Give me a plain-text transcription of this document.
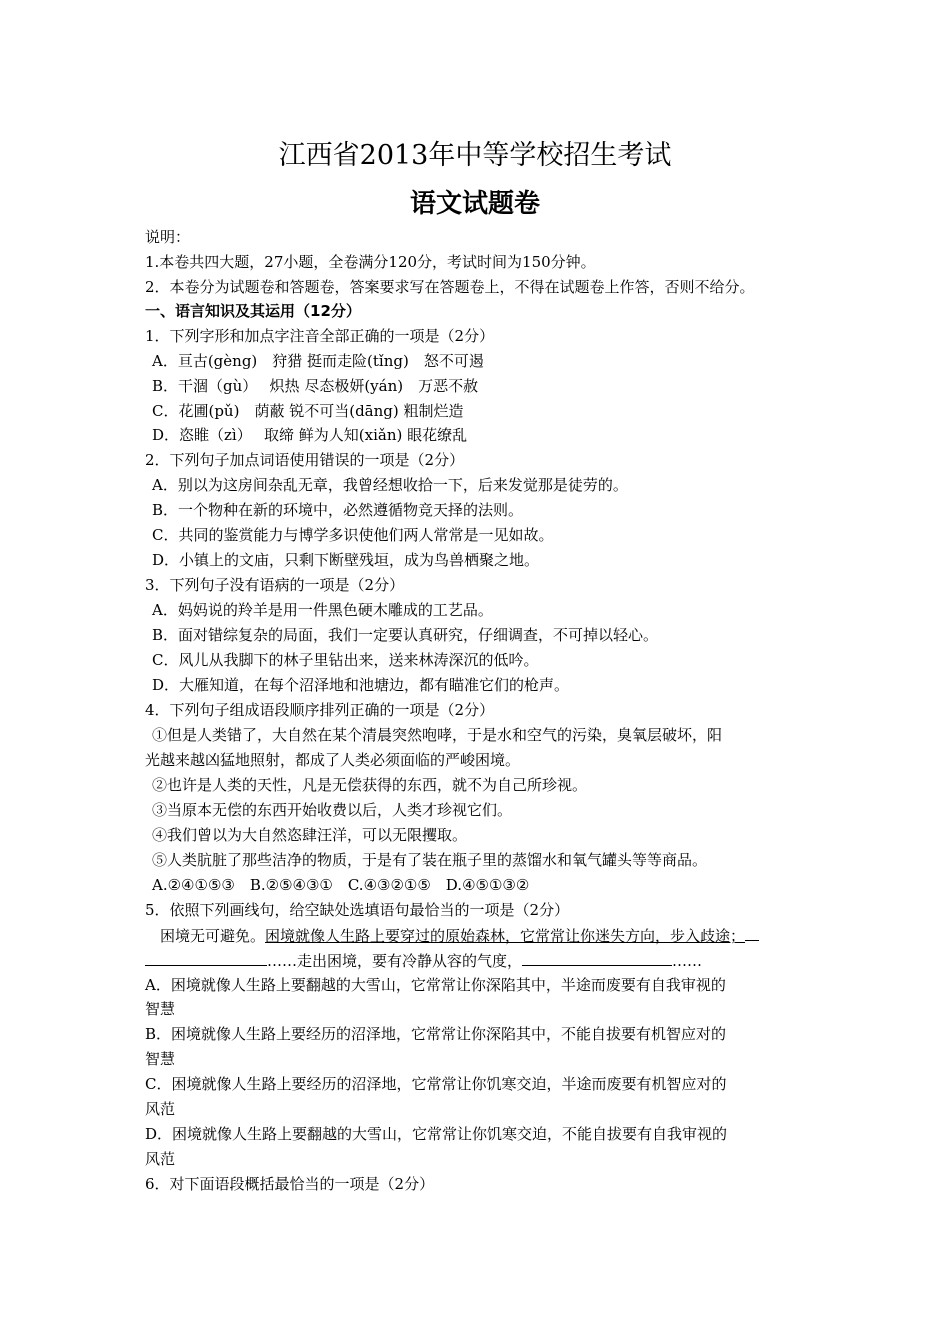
江西省2013年中等学校招生考试
语文试题卷
说明：
1.本卷共四大题，27小题，全卷满分120分，考试时间为150分钟。
2．本卷分为试题卷和答题卷，答案要求写在答题卷上，不得在试题卷上作答，否则不给分。
一、语言知识及其运用（12分）
1．下列字形和加点字注音全部正确的一项是（2分）
A．亘古(gèng)　狩猎 挺而走险(tǐng)　怒不可遏
B．干涸（gù）　 炽热 尽态极妍(yán)　万恶不赦
C．花圃(pǔ)　荫蔽 锐不可当(dāng) 粗制烂造
D．恣睢（zì）　 取缔 鲜为人知(xiǎn) 眼花缭乱
2．下列句子加点词语使用错误的一项是（2分）
A．别以为这房间杂乱无章，我曾经想收拾一下，后来发觉那是徒劳的。
B．一个物种在新的环境中，必然遵循物竞天择的法则。
C．共同的鉴赏能力与博学多识使他们两人常常是一见如故。
D．小镇上的文庙，只剩下断壁残垣，成为鸟兽栖聚之地。
3．下列句子没有语病的一项是（2分）
A．妈妈说的羚羊是用一件黑色硬木雕成的工艺品。
B．面对错综复杂的局面，我们一定要认真研究，仔细调查，不可掉以轻心。
C．风儿从我脚下的林子里钻出来，送来林涛深沉的低吟。
D．大雁知道，在每个沼泽地和池塘边，都有瞄准它们的枪声。
4．下列句子组成语段顺序排列正确的一项是（2分）
①但是人类错了，大自然在某个清晨突然咆哮，于是水和空气的污染，臭氧层破坏，阳
光越来越凶猛地照射，都成了人类必须面临的严峻困境。
②也许是人类的天性，凡是无偿获得的东西，就不为自己所珍视。
③当原本无偿的东西开始收费以后，人类才珍视它们。
④我们曾以为大自然恣肆汪洋，可以无限攫取。
⑤人类肮脏了那些洁净的物质，于是有了装在瓶子里的蒸馏水和氧气罐头等等商品。
A.②④①⑤③　B.②⑤④③①　C.④③②①⑤　D.④⑤①③②
5．依照下列画线句，给空缺处选填语句最恰当的一项是（2分）
困境无可避免。困境就像人生路上要穿过的原始森林，它常常让你迷失方向，步入歧途；
……走出困境，要有冷静从容的气度，	……
A．困境就像人生路上要翻越的大雪山，它常常让你深陷其中，半途而废要有自我审视的
智慧
B．困境就像人生路上要经历的沼泽地，它常常让你深陷其中，不能自拔要有机智应对的
智慧
C．困境就像人生路上要经历的沼泽地，它常常让你饥寒交迫，半途而废要有机智应对的
风范
D．困境就像人生路上要翻越的大雪山，它常常让你饥寒交迫，不能自拔要有自我审视的
风范
6．对下面语段概括最恰当的一项是（2分）
